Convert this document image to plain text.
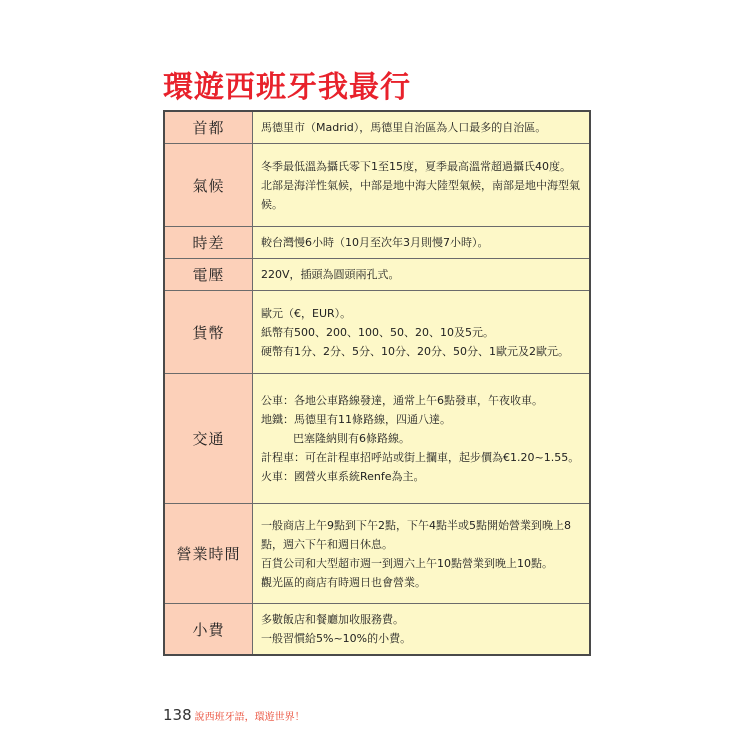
環遊西班牙我最行
首都	馬德里市（Madrid），馬德里自治區為人口最多的自治區。

氣候	冬季最低溫為攝氏零下1至15度，夏季最高溫常超過攝氏40度。
北部是海洋性氣候，中部是地中海大陸型氣候，南部是地中海型氣候。

時差	較台灣慢6小時（10月至次年3月則慢7小時）。

電壓	220V，插頭為圓頭兩孔式。

貨幣	歐元（€，EUR）。
紙幣有500、200、100、50、20、10及5元。
硬幣有1分、2分、5分、10分、20分、50分、1歐元及2歐元。

交通	公車：各地公車路線發達，通常上午6點發車，午夜收車。
地鐵：馬德里有11條路線，四通八達。
巴塞隆納則有6條路線。
計程車：可在計程車招呼站或街上攔車，起步價為€1.20~1.55。
火車：國營火車系統Renfe為主。

營業時間	一般商店上午9點到下午2點，下午4點半或5點開始營業到晚上8點，週六下午和週日休息。
百貨公司和大型超市週一到週六上午10點營業到晚上10點。
觀光區的商店有時週日也會營業。

小費	多數飯店和餐廳加收服務費。
一般習慣給5%~10%的小費。
138 說西班牙語，環遊世界！
